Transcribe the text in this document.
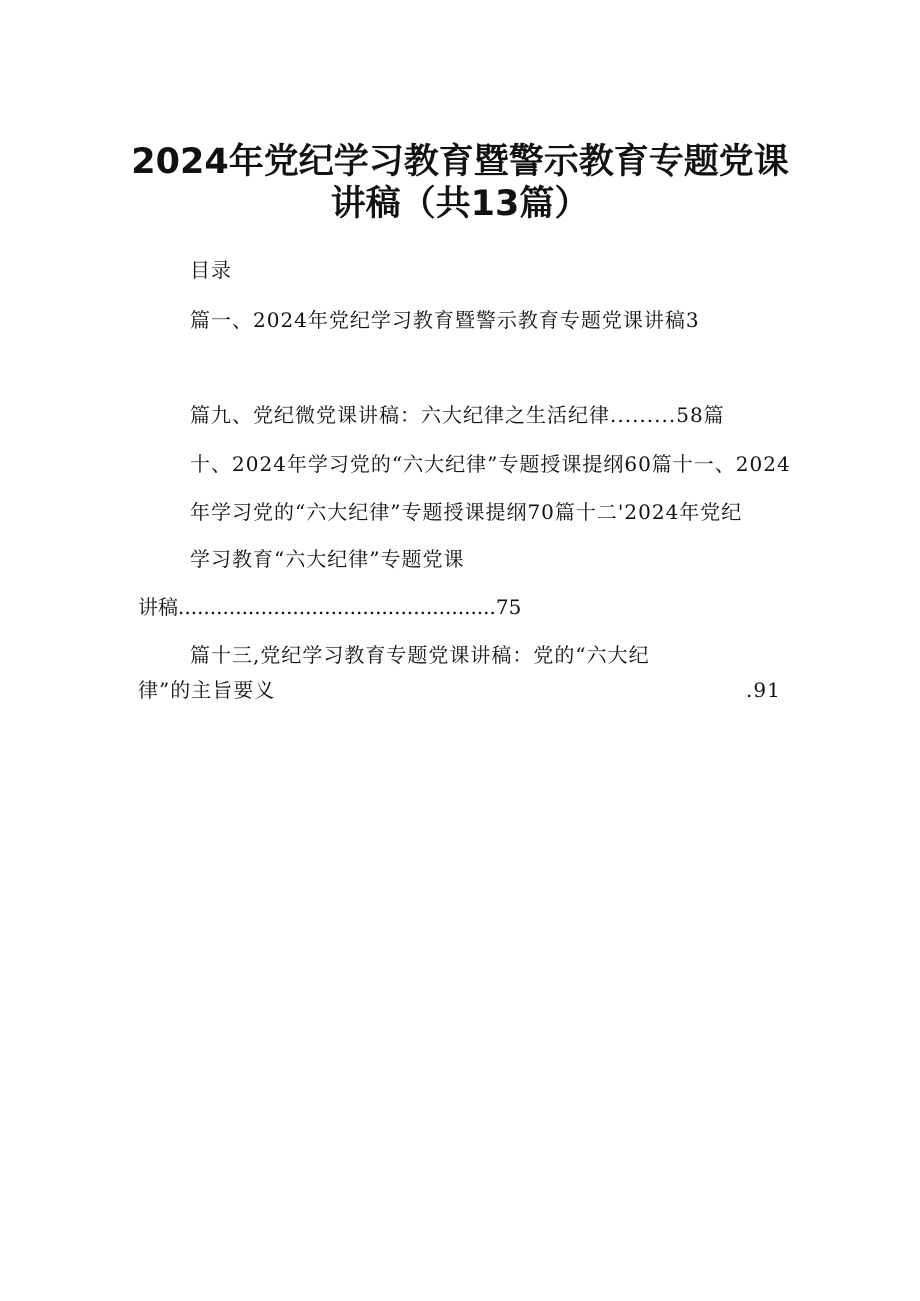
2024年党纪学习教育暨警示教育专题党课
讲稿（共13篇）
目录
篇一、2024年党纪学习教育暨警示教育专题党课讲稿3
篇九、党纪微党课讲稿：六大纪律之生活纪律.........58篇
十、2024年学习党的“六大纪律”专题授课提纲60篇十一、2024
年学习党的“六大纪律”专题授课提纲70篇十二'2024年党纪
学习教育“六大纪律”专题党课
讲稿..................................................75
篇十三,党纪学习教育专题党课讲稿：党的“六大纪
律”的主旨要义	.91
